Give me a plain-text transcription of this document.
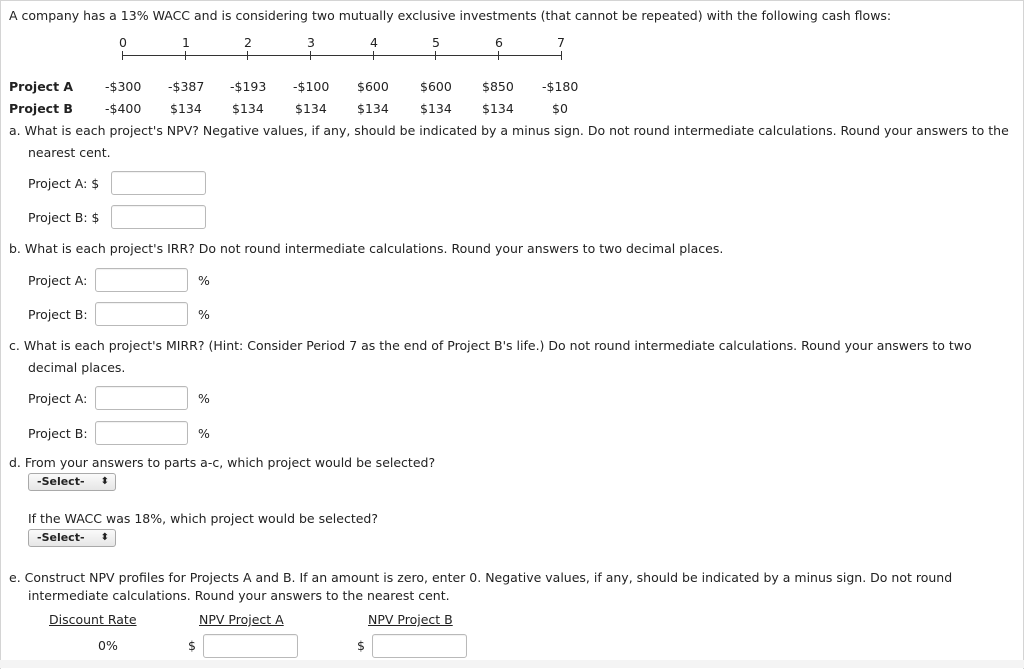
A company has a 13% WACC and is considering two mutually exclusive investments (that cannot be repeated) with the following cash flows:
0	1	2	3	4	5	6	7
Project A	-$300 -$387 -$193 -$100 $600 $600 $850 -$180
Project B	-$400 $134 $134 $134 $134 $134 $134	$0
a. What is each project's NPV? Negative values, if any, should be indicated by a minus sign. Do not round intermediate calculations. Round your answers to the
nearest cent.
Project A: $
Project B: $
b. What is each project's IRR? Do not round intermediate calculations. Round your answers to two decimal places.
Project A:	%
Project B:	%
c. What is each project's MIRR? (Hint: Consider Period 7 as the end of Project B's life.) Do not round intermediate calculations. Round your answers to two
decimal places.
Project A:	%
Project B:	%
d. From your answers to parts a-c, which project would be selected?
-Select- ⬍
If the WACC was 18%, which project would be selected?
-Select- ⬍
e. Construct NPV profiles for Projects A and B. If an amount is zero, enter 0. Negative values, if any, should be indicated by a minus sign. Do not round
intermediate calculations. Round your answers to the nearest cent.
Discount Rate	NPV Project A	NPV Project B
0%	$	$
